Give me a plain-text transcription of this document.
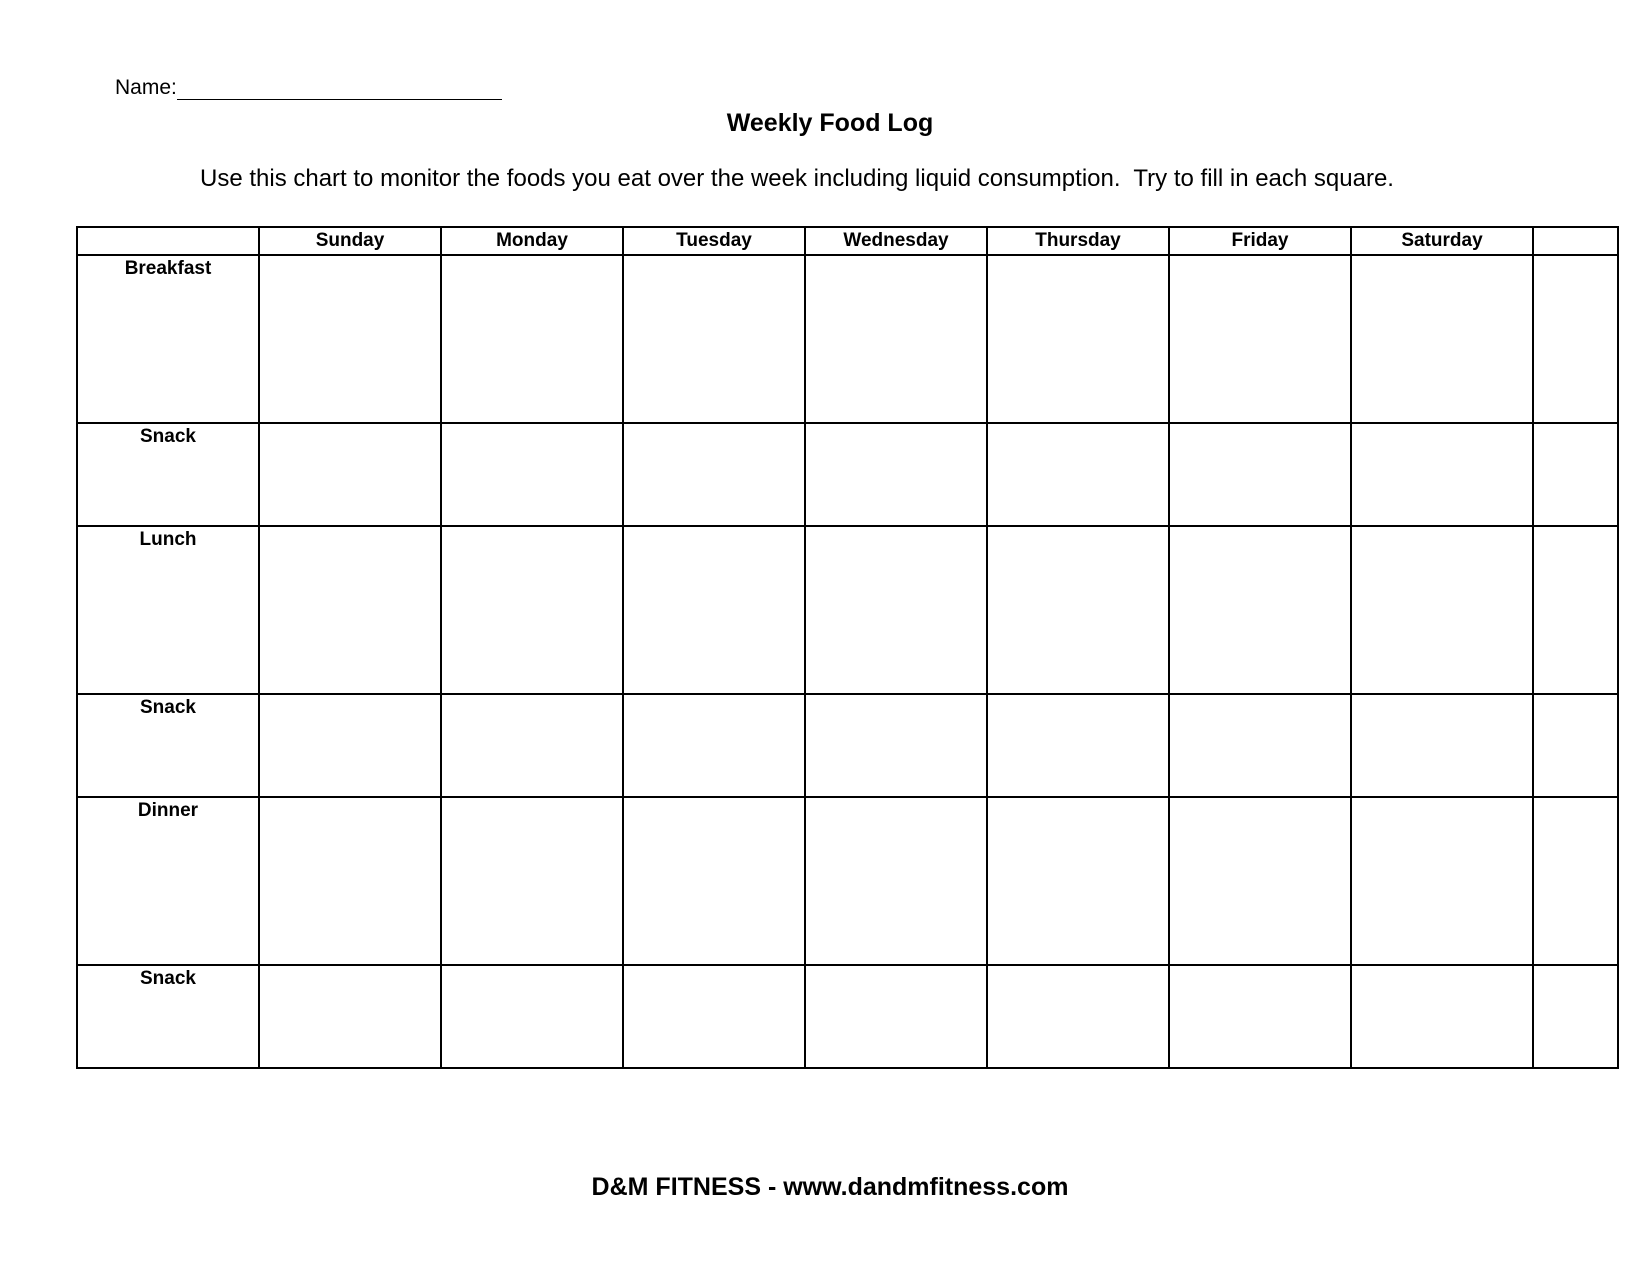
Name:
Weekly Food Log
Use this chart to monitor the foods you eat over the week including liquid consumption.  Try to fill in each square.
	Sunday	Monday	Tuesday	Wednesday	Thursday	Friday	Saturday	
Breakfast								
Snack								
Lunch								
Snack								
Dinner								
Snack								
D&M FITNESS - www.dandmfitness.com
